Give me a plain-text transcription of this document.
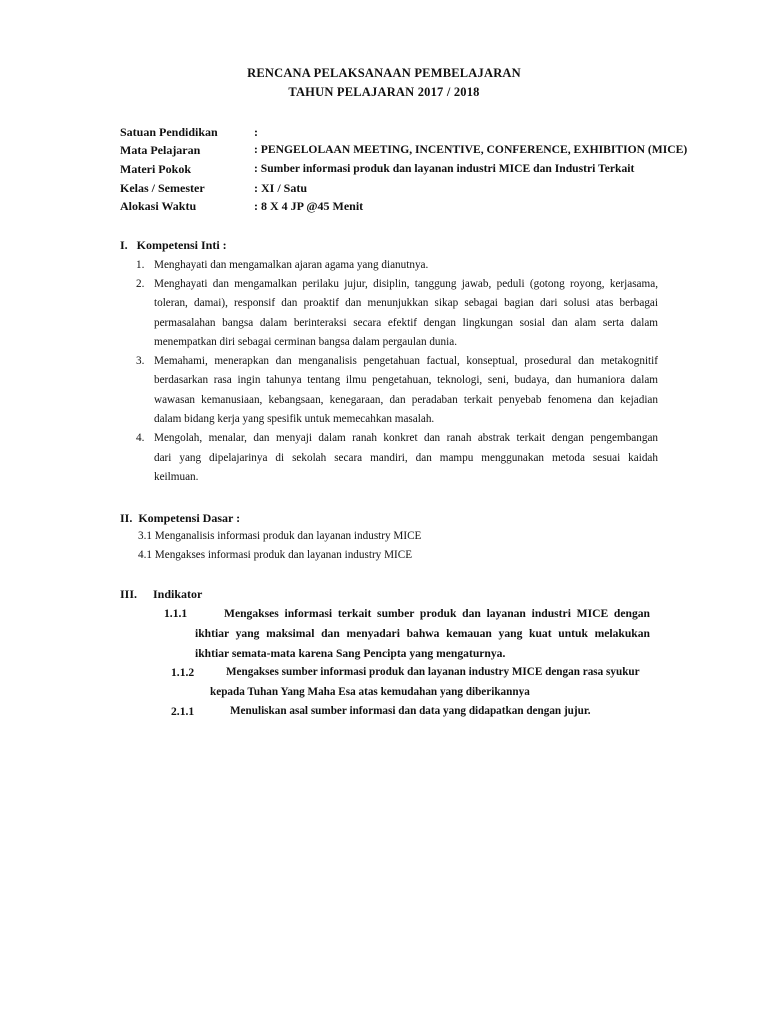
RENCANA PELAKSANAAN PEMBELAJARAN
TAHUN PELAJARAN 2017 / 2018
Satuan Pendidikan	:
Mata Pelajaran	: PENGELOLAAN MEETING, INCENTIVE, CONFERENCE, EXHIBITION (MICE)
Materi Pokok	: Sumber informasi produk dan layanan industri MICE dan Industri Terkait
Kelas / Semester	: XI / Satu
Alokasi Waktu	: 8 X 4 JP @45 Menit
I.   Kompetensi Inti :
1. Menghayati dan mengamalkan ajaran agama yang dianutnya.
2. Menghayati dan mengamalkan perilaku jujur, disiplin, tanggung jawab, peduli (gotong royong, kerjasama,
toleran, damai), responsif dan proaktif dan menunjukkan sikap sebagai bagian dari solusi atas berbagai
permasalahan bangsa dalam berinteraksi secara efektif dengan lingkungan sosial dan alam serta dalam
menempatkan diri sebagai cerminan bangsa dalam pergaulan dunia.
3. Memahami, menerapkan dan menganalisis pengetahuan factual, konseptual, prosedural dan metakognitif
berdasarkan rasa ingin tahunya tentang ilmu pengetahuan, teknologi, seni, budaya, dan humaniora dalam
wawasan kemanusiaan, kebangsaan, kenegaraan, dan peradaban terkait penyebab fenomena dan kejadian
dalam bidang kerja yang spesifik untuk memecahkan masalah.
4. Mengolah, menalar, dan menyaji dalam ranah konkret dan ranah abstrak terkait dengan pengembangan
dari yang dipelajarinya di sekolah secara mandiri, dan mampu menggunakan metoda sesuai kaidah
keilmuan.
II.  Kompetensi Dasar :
3.1 Menganalisis informasi produk dan layanan industry MICE
4.1 Mengakses informasi produk dan layanan industry MICE
III. Indikator
1.1.1	Mengakses informasi terkait sumber produk dan layanan industri MICE dengan
ikhtiar yang maksimal dan menyadari bahwa kemauan yang kuat untuk melakukan
ikhtiar semata-mata karena Sang Pencipta yang mengaturnya.
1.1.2	Mengakses sumber informasi produk dan layanan industry MICE dengan rasa syukur
kepada Tuhan Yang Maha Esa atas kemudahan yang diberikannya
2.1.1	Menuliskan asal sumber informasi dan data yang didapatkan dengan jujur.
